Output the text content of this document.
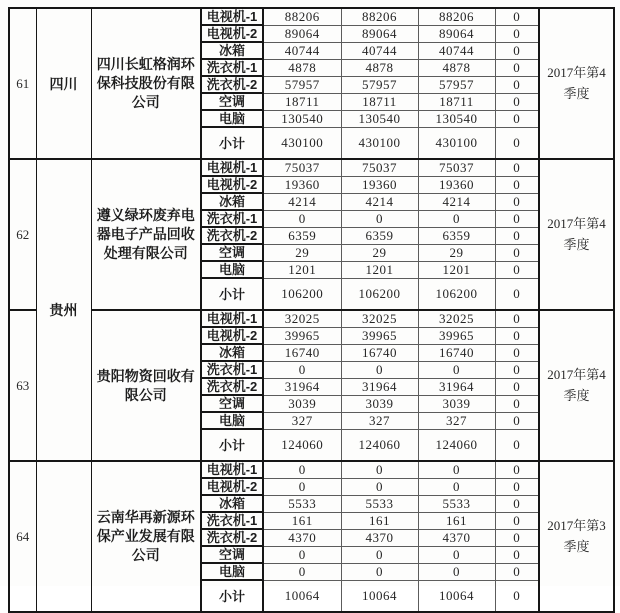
61	四川	四川长虹格润环保科技股份有限公司	电视机-1	88206	88206	88206	0	2017年第4季度
			电视机-2	89064	89064	89064	0	
			冰箱	40744	40744	40744	0	
			洗衣机-1	4878	4878	4878	0	
			洗衣机-2	57957	57957	57957	0	
			空调	18711	18711	18711	0	
			电脑	130540	130540	130540	0	
			小计	430100	430100	430100	0	
62	贵州	遵义绿环废弃电器电子产品回收处理有限公司	电视机-1	75037	75037	75037	0	2017年第4季度
			电视机-2	19360	19360	19360	0	
			冰箱	4214	4214	4214	0	
			洗衣机-1	0	0	0	0	
			洗衣机-2	6359	6359	6359	0	
			空调	29	29	29	0	
			电脑	1201	1201	1201	0	
			小计	106200	106200	106200	0	
63		贵阳物资回收有限公司	电视机-1	32025	32025	32025	0	2017年第4季度
			电视机-2	39965	39965	39965	0	
			冰箱	16740	16740	16740	0	
			洗衣机-1	0	0	0	0	
			洗衣机-2	31964	31964	31964	0	
			空调	3039	3039	3039	0	
			电脑	327	327	327	0	
			小计	124060	124060	124060	0	
64		云南华再新源环保产业发展有限公司	电视机-1	0	0	0	0	2017年第3季度
			电视机-2	0	0	0	0	
			冰箱	5533	5533	5533	0	
			洗衣机-1	161	161	161	0	
			洗衣机-2	4370	4370	4370	0	
			空调	0	0	0	0	
			电脑	0	0	0	0	
			小计	10064	10064	10064	0	
